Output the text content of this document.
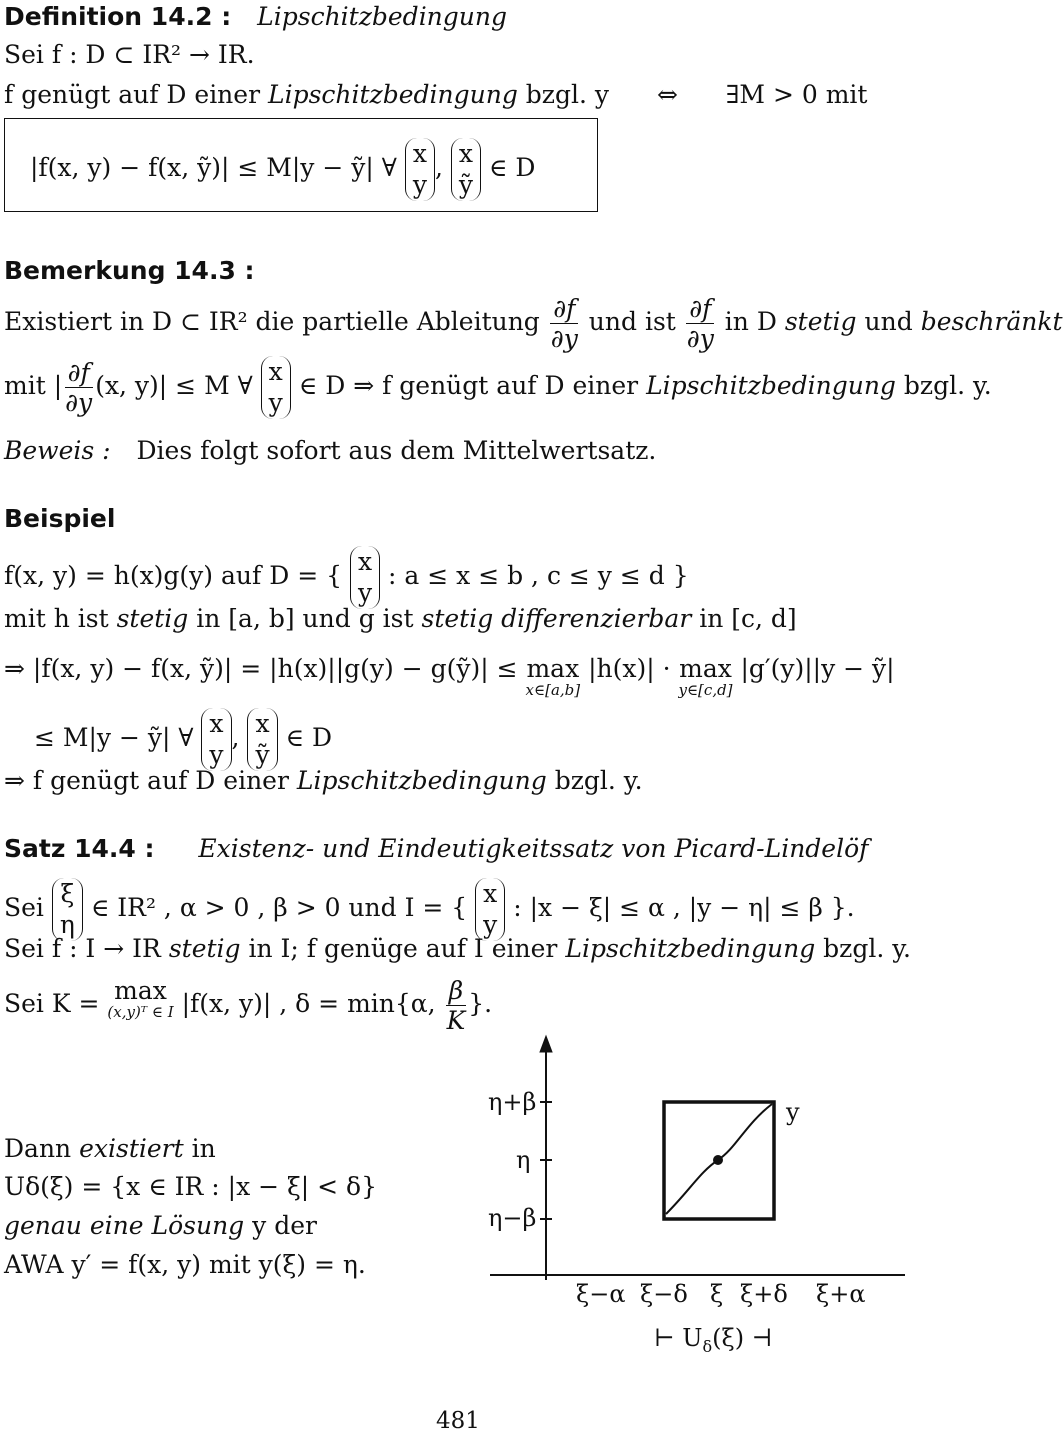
Definition 14.2 : Lipschitzbedingung
Sei f : D ⊂ IR² → IR.
f genügt auf D einer Lipschitzbedingung bzgl. y ⇔ ∃M > 0 mit
|f(x, y) − f(x, ỹ)| ≤ M|y − ỹ| ∀ x
y
, x
ỹ
∈ D
Bemerkung 14.3 :
Existiert in D ⊂ IR² die partielle Ableitung $\frac{\partial f}{\partial y}$ und ist $\frac{\partial f}{\partial y}$ in D stetig und beschränkt
mit | $\frac{\partial f}{\partial y} (x$, y)| ≤ M ∀ x
y
∈ D ⇒ f genügt auf D einer Lipschitzbedingung bzgl. y.
Beweis : Dies folgt sofort aus dem Mittelwertsatz.
Beispiel
f(x, y) = h(x)g(y) auf D = { x
y
: a ≤ x ≤ b , c ≤ y ≤ d }
mit h ist stetig in [a, b] und g ist stetig differenzierbar in [c, d]
⇒ |f(x, y) − f(x, ỹ)| = |h(x)||g(y) − g(ỹ)| ≤ max
x∈[a,b]
|h(x)| · max
y∈[c,d]
|g′(y)||y − ỹ|
≤ M|y − ỹ| ∀ x
y
, x
ỹ
∈ D
⇒ f genügt auf D einer Lipschitzbedingung bzgl. y.
Satz 14.4 : Existenz- und Eindeutigkeitssatz von Picard-Lindelöf
Sei ξ
η
∈ IR² , α > 0 , β > 0 und I = { x
y
: |x − ξ| ≤ α , |y − η| ≤ β }.
Sei f : I → IR stetig in I; f genüge auf I einer Lipschitzbedingung bzgl. y.
Sei K = max
(x,y)ᵀ ∈ I |f(x, y)| , δ = min{α, $\frac{\beta}{K}$ }.
Dann existiert in
Uδ(ξ) = {x ∈ IR : |x − ξ| < δ}
genau eine Lösung y der
AWA y′ = f(x, y) mit y(ξ) = η.
η+β
η
η−β
y
ξ−α ξ−δ ξ ξ+δ ξ+α
⊢ $U_\delta(\xi)$ ⊣
481
